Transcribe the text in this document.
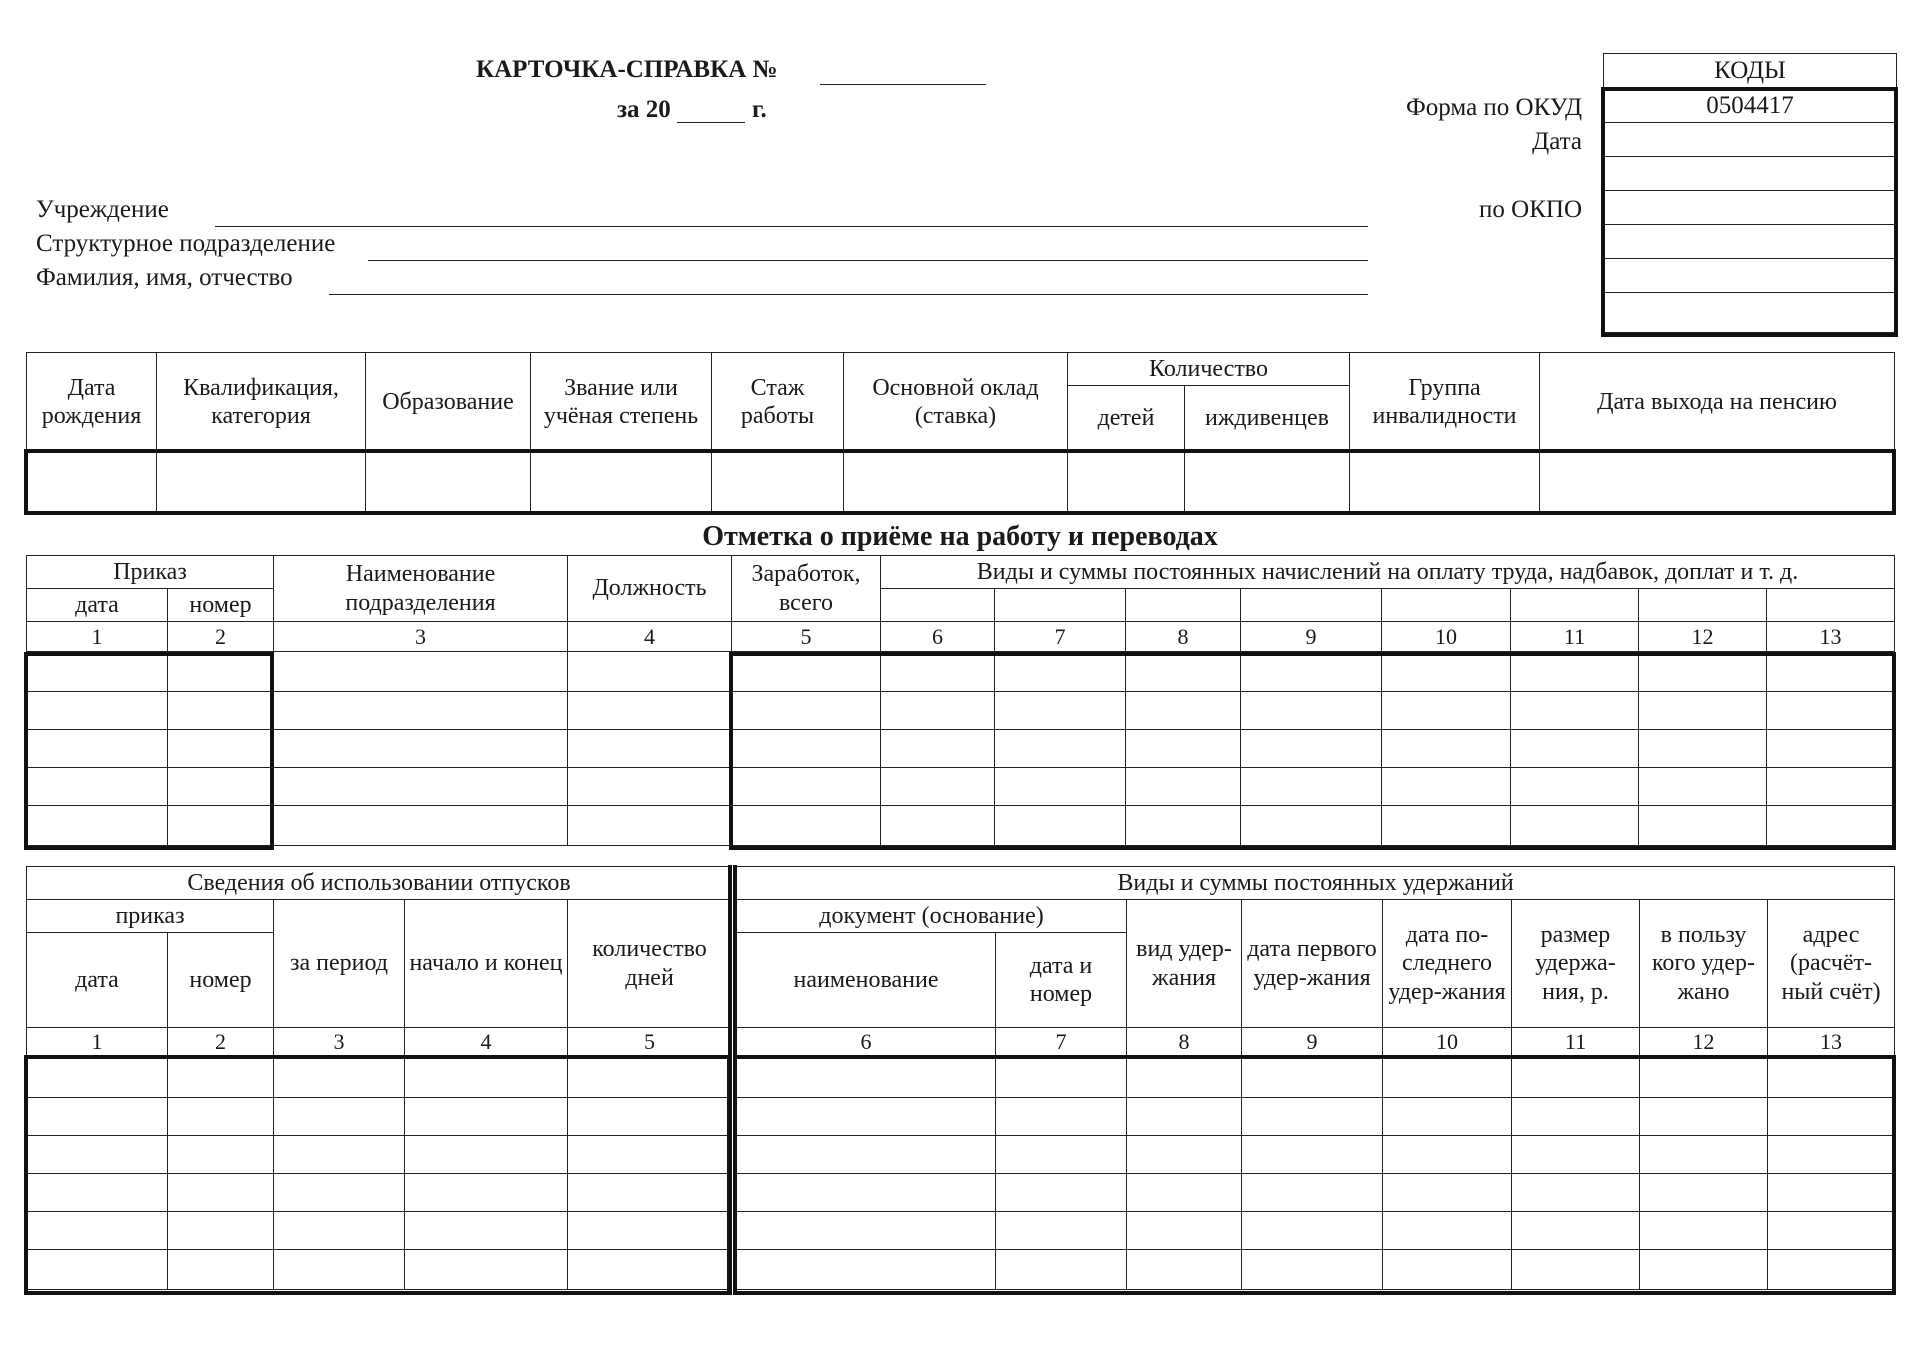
КАРТОЧКА-СПРАВКА №
за 20	г.	Форма по ОКУД
Дата
по ОКПО
КОДЫ
0504417

Учреждение
Структурное подразделение
Фамилия, имя, отчество
Дата рождения	Квалификация, категория	Образование	Звание или учёная степень	Стаж работы	Основной оклад (ставка)	Количество		Группа инвалидности	Дата выхода на пенсию
						детей	иждивенцев		

Отметка о приёме на работу и переводах
Приказ		Наименование подразделения	Должность	Заработок, всего	Виды и суммы постоянных начислений на оплату труда, надбавок, доплат и т. д.							
дата	номер											
1	2	3	4	5	6	7	8	9	10	11	12	13

Сведения об использовании отпусков				
приказ		за период	начало и конец	количество дней
дата	номер			
1	2	3	4	5

Виды и суммы постоянных удержаний							
документ (основание)		вид удер-жания	дата первого удер-жания	дата по-следнего удер-жания	размер удержа-ния, р.	в пользу кого удер-жано	адрес (расчёт-ный счёт)
наименование	дата и номер						
6	7	8	9	10	11	12	13
